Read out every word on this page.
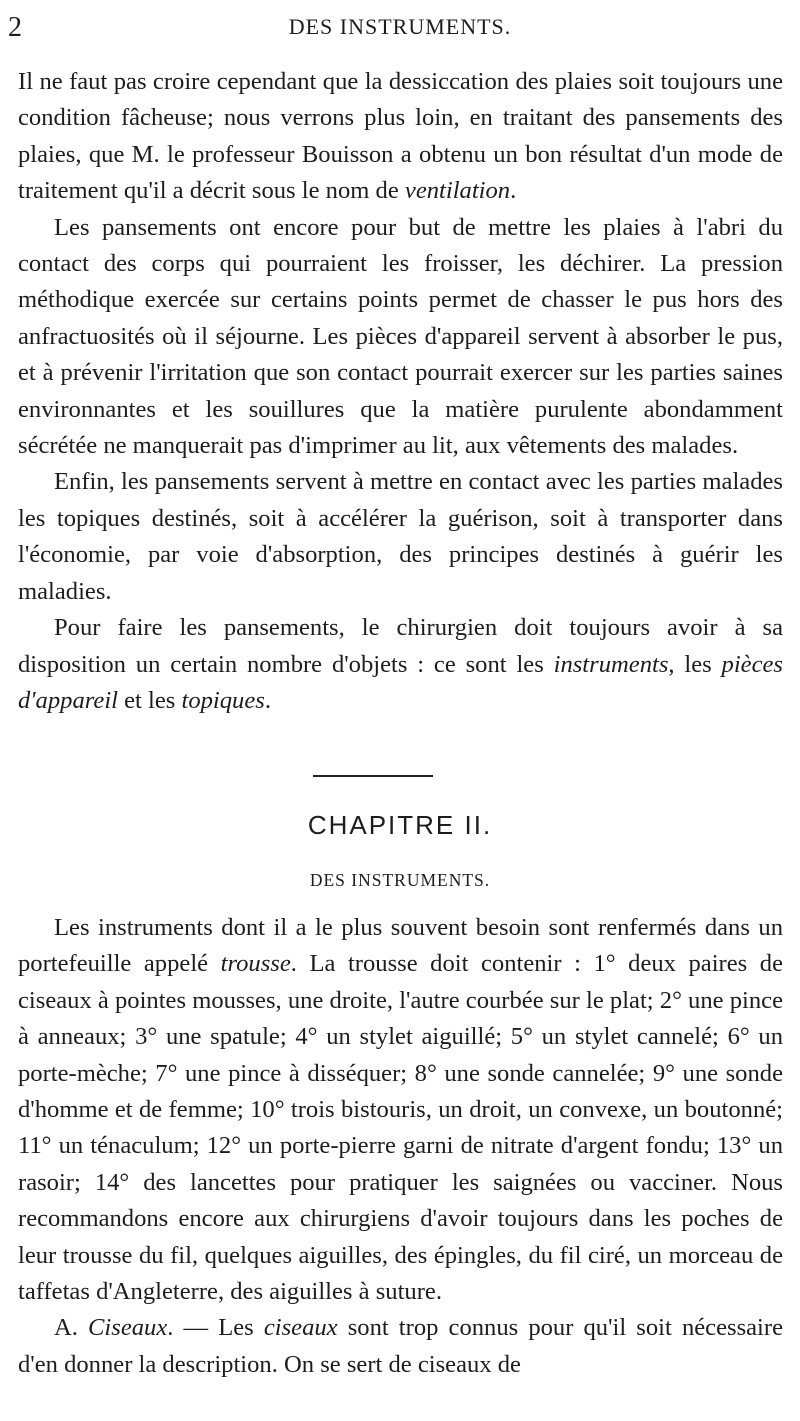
2	DES INSTRUMENTS.

Il ne faut pas croire cependant que la dessiccation des plaies soit toujours une condition fâcheuse; nous verrons plus loin, en traitant des pansements des plaies, que M. le professeur Bouisson a obtenu un bon résultat d'un mode de traitement qu'il a décrit sous le nom de ventilation.

Les pansements ont encore pour but de mettre les plaies à l'abri du contact des corps qui pourraient les froisser, les déchirer. La pression méthodique exercée sur certains points permet de chasser le pus hors des anfractuosités où il séjourne. Les pièces d'appareil servent à absorber le pus, et à prévenir l'irritation que son contact pourrait exercer sur les parties saines environnantes et les souillures que la matière purulente abondamment sécrétée ne manquerait pas d'imprimer au lit, aux vêtements des malades.

Enfin, les pansements servent à mettre en contact avec les parties malades les topiques destinés, soit à accélérer la guérison, soit à transporter dans l'économie, par voie d'absorption, des principes destinés à guérir les maladies.

Pour faire les pansements, le chirurgien doit toujours avoir à sa disposition un certain nombre d'objets : ce sont les instruments, les pièces d'appareil et les topiques.

CHAPITRE II.
DES INSTRUMENTS.

Les instruments dont il a le plus souvent besoin sont renfermés dans un portefeuille appelé trousse. La trousse doit contenir : 1° deux paires de ciseaux à pointes mousses, une droite, l'autre courbée sur le plat; 2° une pince à anneaux; 3° une spatule; 4° un stylet aiguillé; 5° un stylet cannelé; 6° un porte-mèche; 7° une pince à disséquer; 8° une sonde cannelée; 9° une sonde d'homme et de femme; 10° trois bistouris, un droit, un convexe, un boutonné; 11° un ténaculum; 12° un porte-pierre garni de nitrate d'argent fondu; 13° un rasoir; 14° des lancettes pour pratiquer les saignées ou vacciner. Nous recommandons encore aux chirurgiens d'avoir toujours dans les poches de leur trousse du fil, quelques aiguilles, des épingles, du fil ciré, un morceau de taffetas d'Angleterre, des aiguilles à suture.

A. Ciseaux. — Les ciseaux sont trop connus pour qu'il soit nécessaire d'en donner la description. On se sert de ciseaux de
